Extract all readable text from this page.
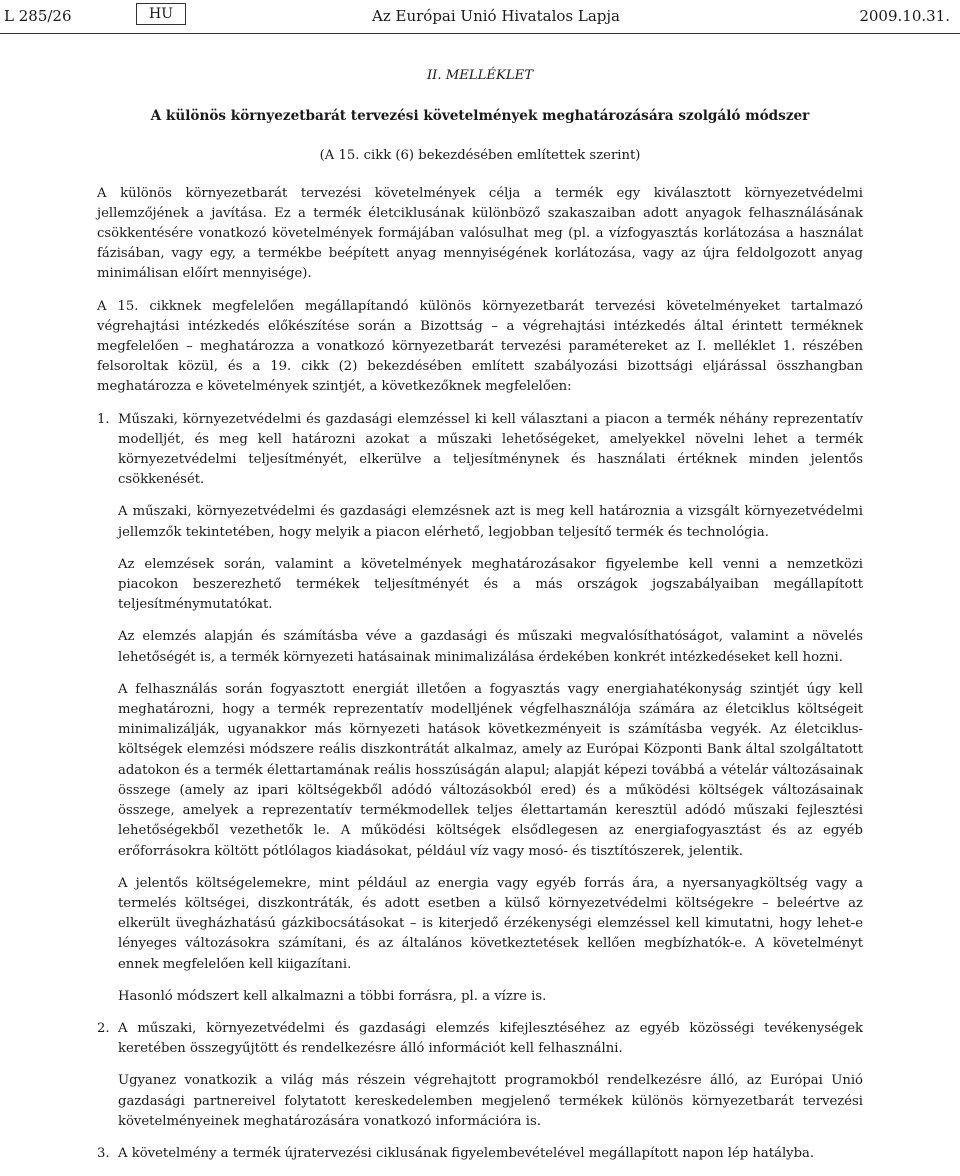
L 285/26	HU	Az Európai Unió Hivatalos Lapja	2009.10.31.
II. MELLÉKLET
A különös környezetbarát tervezési követelmények meghatározására szolgáló módszer
(A 15. cikk (6) bekezdésében említettek szerint)

A különös környezetbarát tervezési követelmények célja a termék egy kiválasztott környezetvédelmi jellemzőjének a javítása. Ez a termék életciklusának különböző szakaszaiban adott anyagok felhasználásának csökkentésére vonatkozó követelmények formájában valósulhat meg (pl. a vízfogyasztás korlátozása a használat fázisában, vagy egy, a termékbe beépített anyag mennyiségének korlátozása, vagy az újra feldolgozott anyag minimálisan előírt mennyisége).

A 15. cikknek megfelelően megállapítandó különös környezetbarát tervezési követelményeket tartalmazó végrehajtási intézkedés előkészítése során a Bizottság – a végrehajtási intézkedés által érintett terméknek megfelelően – meghatározza a vonatkozó környezetbarát tervezési paramétereket az I. melléklet 1. részében felsoroltak közül, és a 19. cikk (2) bekezdésében említett szabályozási bizottsági eljárással összhangban meghatározza e követelmények szintjét, a következőknek megfelelően:

1. Műszaki, környezetvédelmi és gazdasági elemzéssel ki kell választani a piacon a termék néhány reprezentatív modelljét, és meg kell határozni azokat a műszaki lehetőségeket, amelyekkel növelni lehet a termék környezetvédelmi teljesítményét, elkerülve a teljesítménynek és használati értéknek minden jelentős csökkenését.

A műszaki, környezetvédelmi és gazdasági elemzésnek azt is meg kell határoznia a vizsgált környezetvédelmi jellemzők tekintetében, hogy melyik a piacon elérhető, legjobban teljesítő termék és technológia.

Az elemzések során, valamint a követelmények meghatározásakor figyelembe kell venni a nemzetközi piacokon beszerezhető termékek teljesítményét és a más országok jogszabályaiban megállapított teljesítménymutatókat.

Az elemzés alapján és számításba véve a gazdasági és műszaki megvalósíthatóságot, valamint a növelés lehetőségét is, a termék környezeti hatásainak minimalizálása érdekében konkrét intézkedéseket kell hozni.

A felhasználás során fogyasztott energiát illetően a fogyasztás vagy energiahatékonyság szintjét úgy kell meghatározni, hogy a termék reprezentatív modelljének végfelhasználója számára az életciklus költségeit minimalizálják, ugyanakkor más környezeti hatások következményeit is számításba vegyék. Az életciklus-költségek elemzési módszere reális diszkontrátát alkalmaz, amely az Európai Központi Bank által szolgáltatott adatokon és a termék élettartamának reális hosszúságán alapul; alapját képezi továbbá a vételár változásainak összege (amely az ipari költségekből adódó változásokból ered) és a működési költségek változásainak összege, amelyek a reprezentatív termékmodellek teljes élettartamán keresztül adódó műszaki fejlesztési lehetőségekből vezethetők le. A működési költségek elsődlegesen az energiafogyasztást és az egyéb erőforrásokra költött pótlólagos kiadásokat, például víz vagy mosó- és tisztítószerek, jelentik.

A jelentős költségelemekre, mint például az energia vagy egyéb forrás ára, a nyersanyagköltség vagy a termelés költségei, diszkontráták, és adott esetben a külső környezetvédelmi költségekre – beleértve az elkerült üvegházhatású gázkibocsátásokat – is kiterjedő érzékenységi elemzéssel kell kimutatni, hogy lehet-e lényeges változásokra számítani, és az általános következtetések kellően megbízhatók-e. A követelményt ennek megfelelően kell kiigazítani.

Hasonló módszert kell alkalmazni a többi forrásra, pl. a vízre is.

2. A műszaki, környezetvédelmi és gazdasági elemzés kifejlesztéséhez az egyéb közösségi tevékenységek keretében összegyűjtött és rendelkezésre álló információt kell felhasználni.

Ugyanez vonatkozik a világ más részein végrehajtott programokból rendelkezésre álló, az Európai Unió gazdasági partnereivel folytatott kereskedelemben megjelenő termékek különös környezetbarát tervezési követelményeinek meghatározására vonatkozó információra is.

3. A követelmény a termék újratervezési ciklusának figyelembevételével megállapított napon lép hatályba.
